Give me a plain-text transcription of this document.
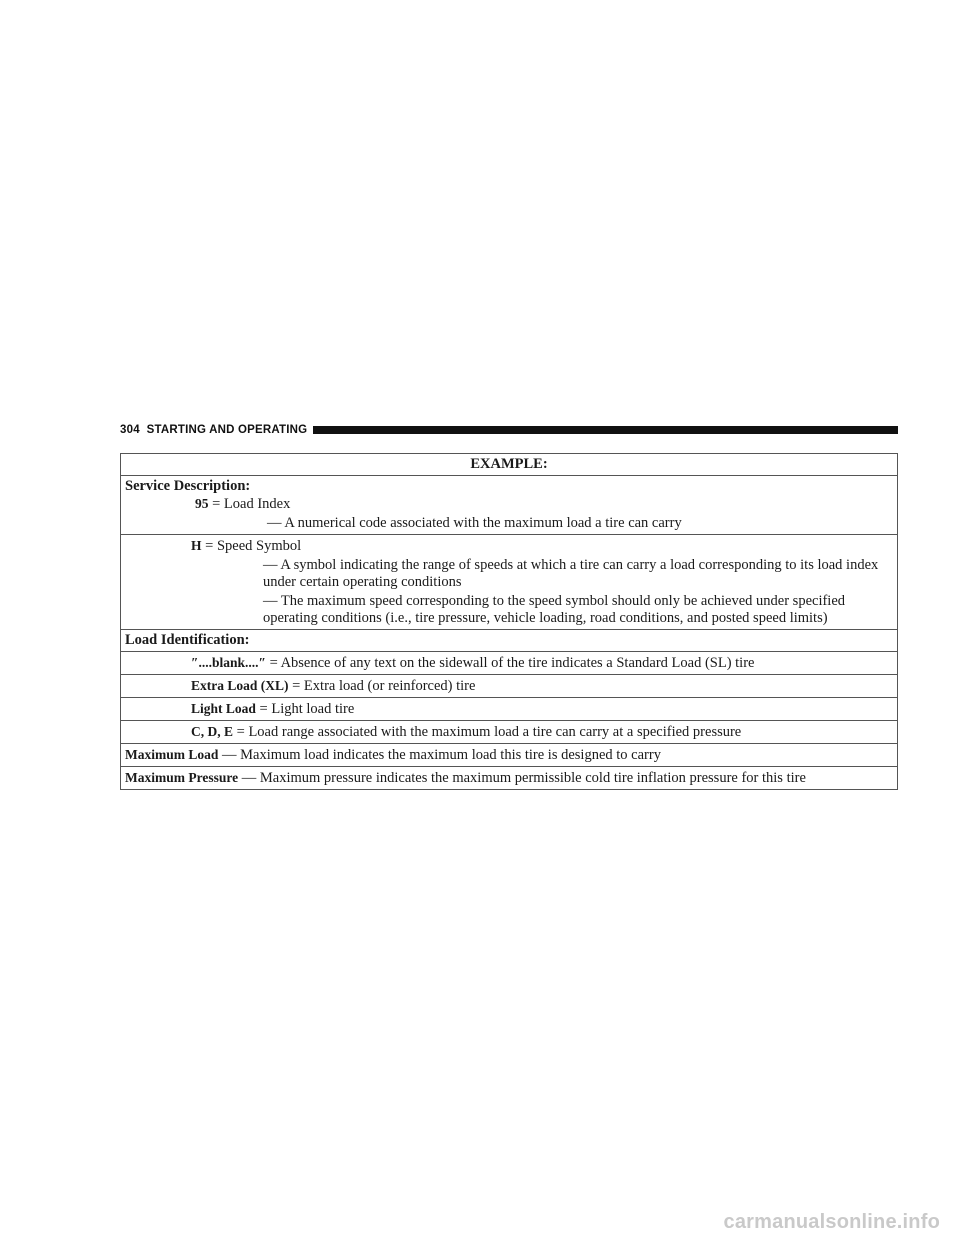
304 STARTING AND OPERATING
EXAMPLE:

Service Description:
95 = Load Index
— A numerical code associated with the maximum load a tire can carry

H = Speed Symbol
— A symbol indicating the range of speeds at which a tire can carry a load corresponding to its load index under certain operating conditions
— The maximum speed corresponding to the speed symbol should only be achieved under specified operating conditions (i.e., tire pressure, vehicle loading, road conditions, and posted speed limits)

Load Identification:

″....blank....″ = Absence of any text on the sidewall of the tire indicates a Standard Load (SL) tire
Extra Load (XL) = Extra load (or reinforced) tire
Light Load = Light load tire
C, D, E = Load range associated with the maximum load a tire can carry at a specified pressure
Maximum Load — Maximum load indicates the maximum load this tire is designed to carry
Maximum Pressure — Maximum pressure indicates the maximum permissible cold tire inflation pressure for this tire
carmanualsonline.info
